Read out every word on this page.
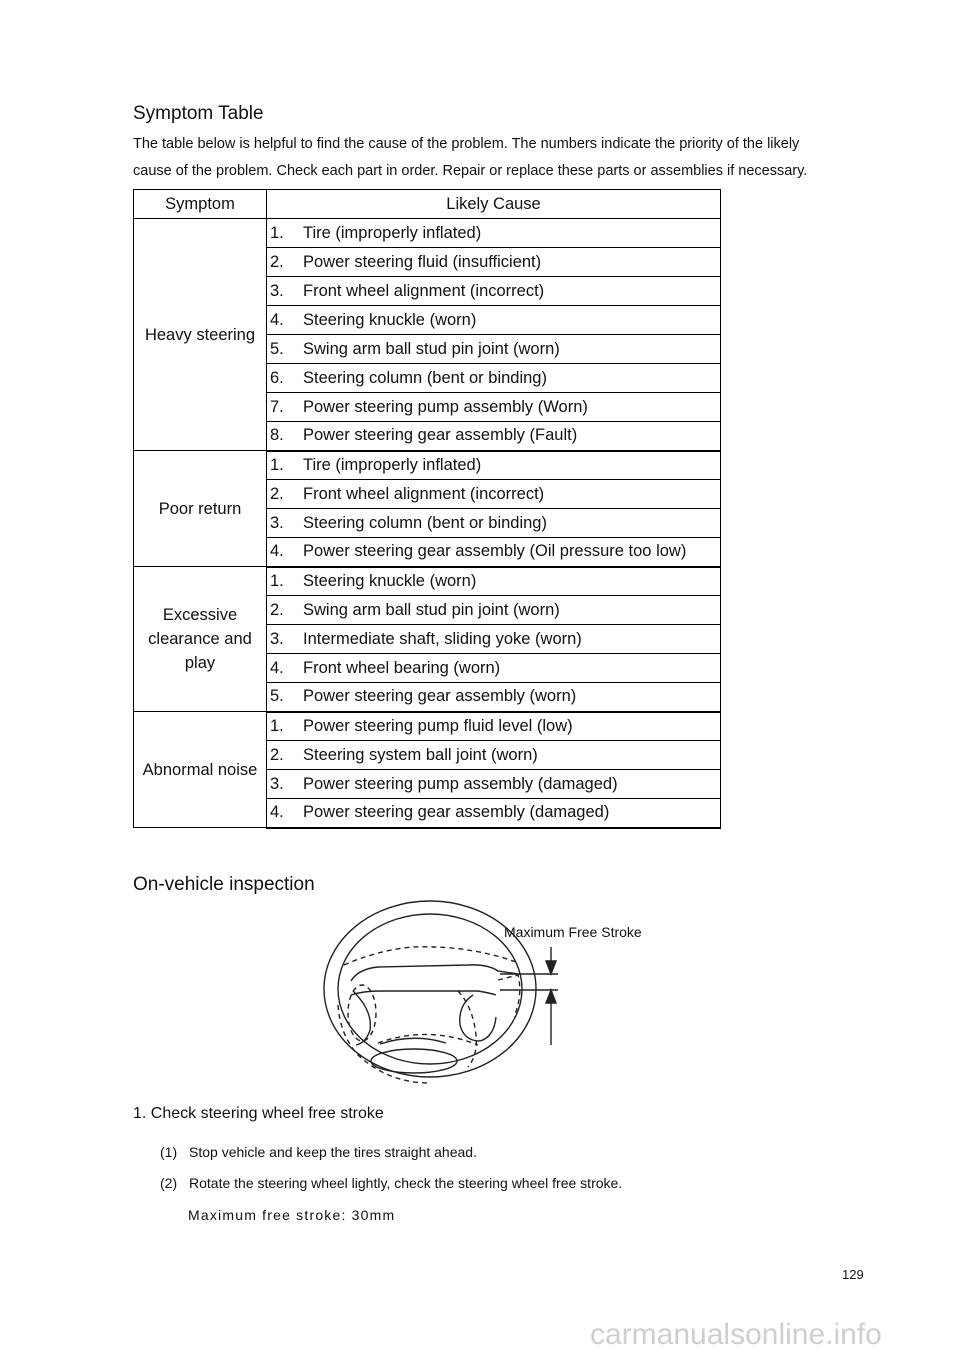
Symptom Table
The table below is helpful to find the cause of the problem. The numbers indicate the priority of the likely
cause of the problem. Check each part in order. Repair or replace these parts or assemblies if necessary.
Symptom	Likely Cause
Heavy steering	1. Tire (improperly inflated)
	2. Power steering fluid (insufficient)
	3. Front wheel alignment (incorrect)
	4. Steering knuckle (worn)
	5. Swing arm ball stud pin joint (worn)
	6. Steering column (bent or binding)
	7. Power steering pump assembly (Worn)
	8. Power steering gear assembly (Fault)
Poor return	1. Tire (improperly inflated)
	2. Front wheel alignment (incorrect)
	3. Steering column (bent or binding)
	4. Power steering gear assembly (Oil pressure too low)
Excessive clearance and play	1. Steering knuckle (worn)
	2. Swing arm ball stud pin joint (worn)
	3. Intermediate shaft, sliding yoke (worn)
	4. Front wheel bearing (worn)
	5. Power steering gear assembly (worn)
Abnormal noise	1. Power steering pump fluid level (low)
	2. Steering system ball joint (worn)
	3. Power steering pump assembly (damaged)
	4. Power steering gear assembly (damaged)
On-vehicle inspection
Maximum Free Stroke
1. Check steering wheel free stroke
(1) Stop vehicle and keep the tires straight ahead.
(2) Rotate the steering wheel lightly, check the steering wheel free stroke.
Maximum free stroke: 30mm
129
carmanualsonline.info
